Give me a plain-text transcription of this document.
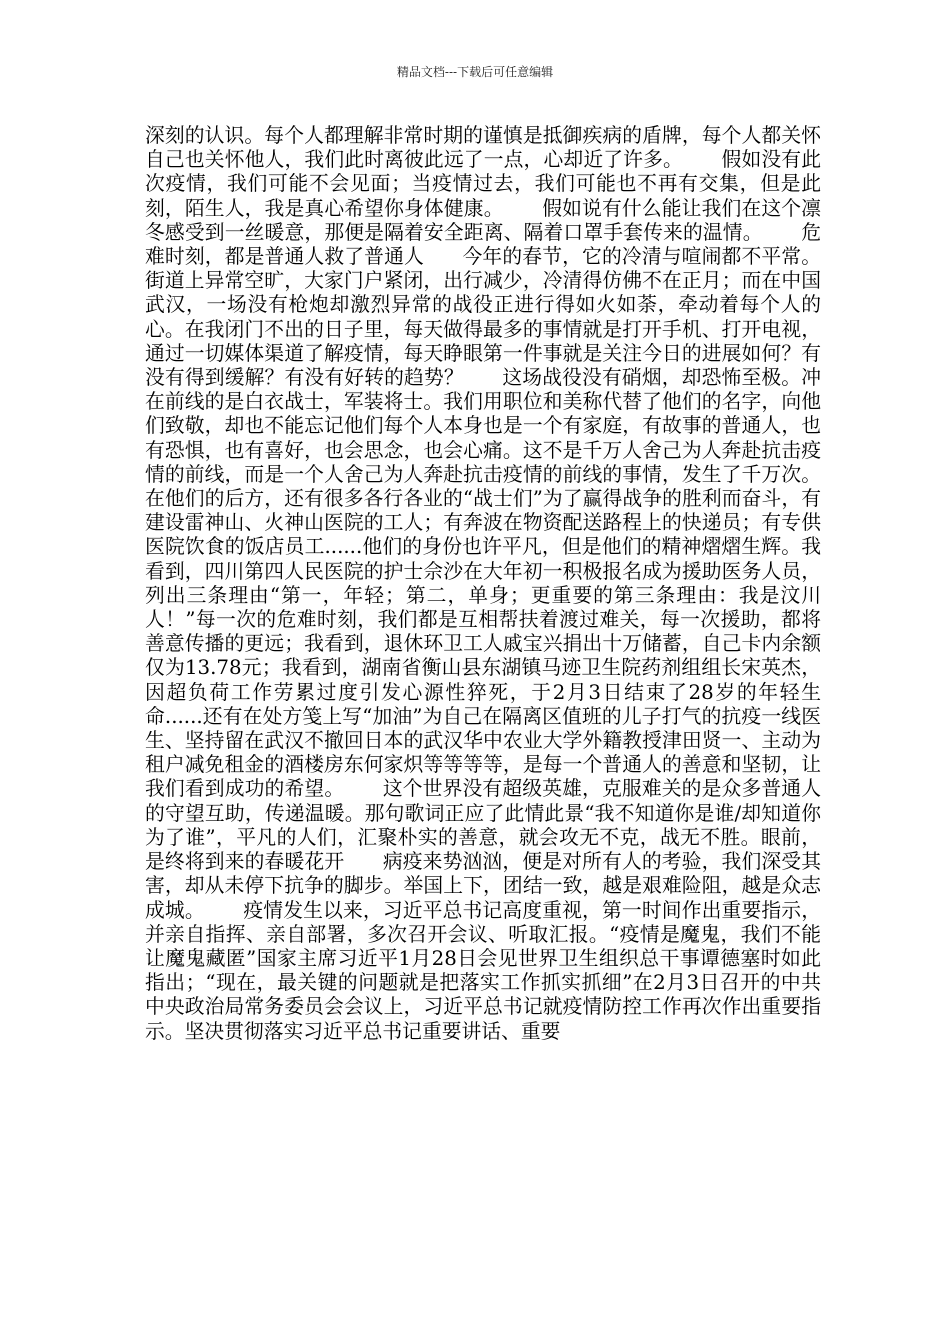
精品文档---下载后可任意编辑

深刻的认识。每个人都理解非常时期的谨慎是抵御疾病的盾牌，每个人都关怀自己也关怀他人，我们此时离彼此远了一点，心却近了许多。      假如没有此次疫情，我们可能不会见面；当疫情过去，我们可能也不再有交集，但是此刻，陌生人，我是真心希望你身体健康。      假如说有什么能让我们在这个凛冬感受到一丝暖意，那便是隔着安全距离、隔着口罩手套传来的温情。      危难时刻，都是普通人救了普通人      今年的春节，它的冷清与喧闹都不平常。      街道上异常空旷，大家门户紧闭，出行减少，冷清得仿佛不在正月；而在中国武汉，一场没有枪炮却激烈异常的战役正进行得如火如荼，牵动着每个人的心。在我闭门不出的日子里，每天做得最多的事情就是打开手机、打开电视，通过一切媒体渠道了解疫情，每天睁眼第一件事就是关注今日的进展如何？有没有得到缓解？有没有好转的趋势？      这场战役没有硝烟，却恐怖至极。冲在前线的是白衣战士，军装将士。我们用职位和美称代替了他们的名字，向他们致敬，却也不能忘记他们每个人本身也是一个有家庭，有故事的普通人，也有恐惧，也有喜好，也会思念，也会心痛。这不是千万人舍己为人奔赴抗击疫情的前线，而是一个人舍己为人奔赴抗击疫情的前线的事情，发生了千万次。      在他们的后方，还有很多各行各业的“战士们”为了赢得战争的胜利而奋斗，有建设雷神山、火神山医院的工人；有奔波在物资配送路程上的快递员；有专供医院饮食的饭店员工......他们的身份也许平凡，但是他们的精神熠熠生辉。我看到，四川第四人民医院的护士佘沙在大年初一积极报名成为援助医务人员，列出三条理由“第一，年轻；第二，单身；更重要的第三条理由：我是汶川人！”每一次的危难时刻，我们都是互相帮扶着渡过难关，每一次援助，都将善意传播的更远；我看到，退休环卫工人戚宝兴捐出十万储蓄，自己卡内余额仅为13.78元；我看到，湖南省衡山县东湖镇马迹卫生院药剂组组长宋英杰，因超负荷工作劳累过度引发心源性猝死，于2月3日结束了28岁的年轻生命......还有在处方笺上写“加油”为自己在隔离区值班的儿子打气的抗疫一线医生、坚持留在武汉不撤回日本的武汉华中农业大学外籍教授津田贤一、主动为租户减免租金的酒楼房东何家炽等等等等，是每一个普通人的善意和坚韧，让我们看到成功的希望。      这个世界没有超级英雄，克服难关的是众多普通人的守望互助，传递温暖。那句歌词正应了此情此景“我不知道你是谁/却知道你为了谁”，平凡的人们，汇聚朴实的善意，就会攻无不克，战无不胜。眼前，是终将到来的春暖花开      病疫来势汹汹，便是对所有人的考验，我们深受其害，却从未停下抗争的脚步。举国上下，团结一致，越是艰难险阻，越是众志成城。      疫情发生以来，习近平总书记高度重视，第一时间作出重要指示，并亲自指挥、亲自部署，多次召开会议、听取汇报。“疫情是魔鬼，我们不能让魔鬼藏匿”国家主席习近平1月28日会见世界卫生组织总干事谭德塞时如此指出；“现在，最关键的问题就是把落实工作抓实抓细”在2月3日召开的中共中央政治局常务委员会会议上，习近平总书记就疫情防控工作再次作出重要指示。坚决贯彻落实习近平总书记重要讲话、重要
